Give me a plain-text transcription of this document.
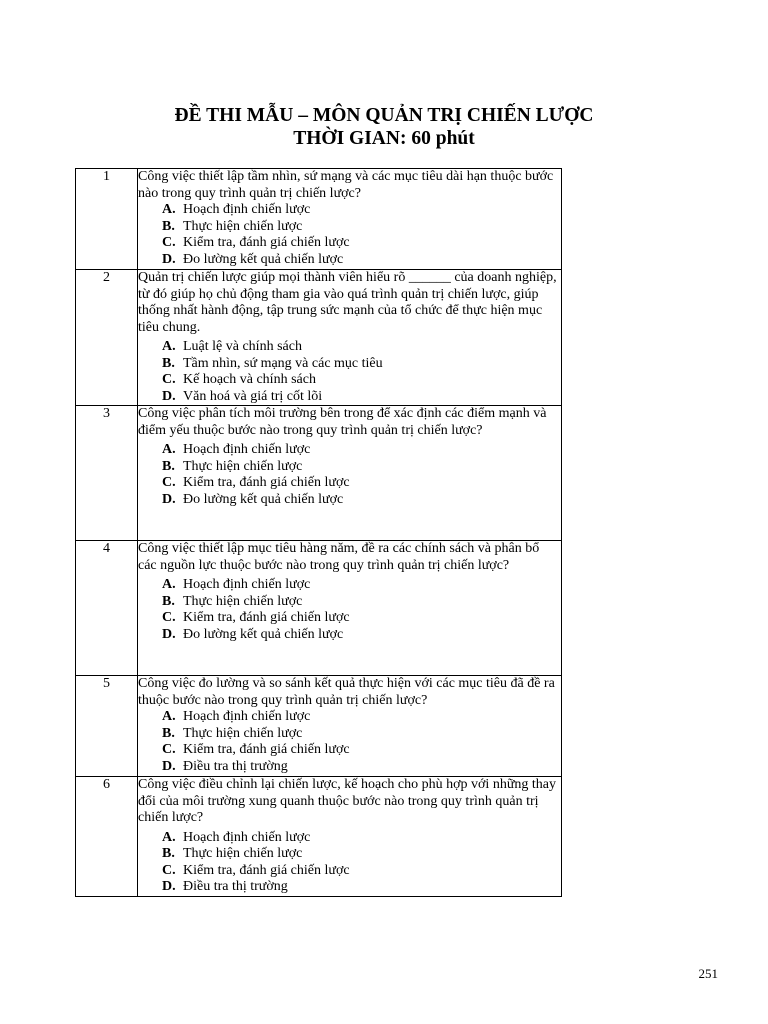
ĐỀ THI MẪU – MÔN QUẢN TRỊ CHIẾN LƯỢC
THỜI GIAN: 60 phút
1	Công việc thiết lập tầm nhìn, sứ mạng và các mục tiêu dài hạn thuộc bước nào trong quy trình quản trị chiến lược?
A. Hoạch định chiến lược
B. Thực hiện chiến lược
C. Kiểm tra, đánh giá chiến lược
D. Đo lường kết quả chiến lược

2	Quản trị chiến lược giúp mọi thành viên hiểu rõ ______ của doanh nghiệp, từ đó giúp họ chủ động tham gia vào quá trình quản trị chiến lược, giúp thống nhất hành động, tập trung sức mạnh của tổ chức để thực hiện mục tiêu chung.
A. Luật lệ và chính sách
B. Tầm nhìn, sứ mạng và các mục tiêu
C. Kế hoạch và chính sách
D. Văn hoá và giá trị cốt lõi

3	Công việc phân tích môi trường bên trong để xác định các điểm mạnh và điểm yếu thuộc bước nào trong quy trình quản trị chiến lược?
A. Hoạch định chiến lược
B. Thực hiện chiến lược
C. Kiểm tra, đánh giá chiến lược
D. Đo lường kết quả chiến lược

4	Công việc thiết lập mục tiêu hàng năm, đề ra các chính sách và phân bổ các nguồn lực thuộc bước nào trong quy trình quản trị chiến lược?
A. Hoạch định chiến lược
B. Thực hiện chiến lược
C. Kiểm tra, đánh giá chiến lược
D. Đo lường kết quả chiến lược

5	Công việc đo lường và so sánh kết quả thực hiện với các mục tiêu đã đề ra thuộc bước nào trong quy trình quản trị chiến lược?
A. Hoạch định chiến lược
B. Thực hiện chiến lược
C. Kiểm tra, đánh giá chiến lược
D. Điều tra thị trường

6	Công việc điều chỉnh lại chiến lược, kế hoạch cho phù hợp với những thay đổi của môi trường xung quanh thuộc bước nào trong quy trình quản trị chiến lược?
A. Hoạch định chiến lược
B. Thực hiện chiến lược
C. Kiểm tra, đánh giá chiến lược
D. Điều tra thị trường
251
